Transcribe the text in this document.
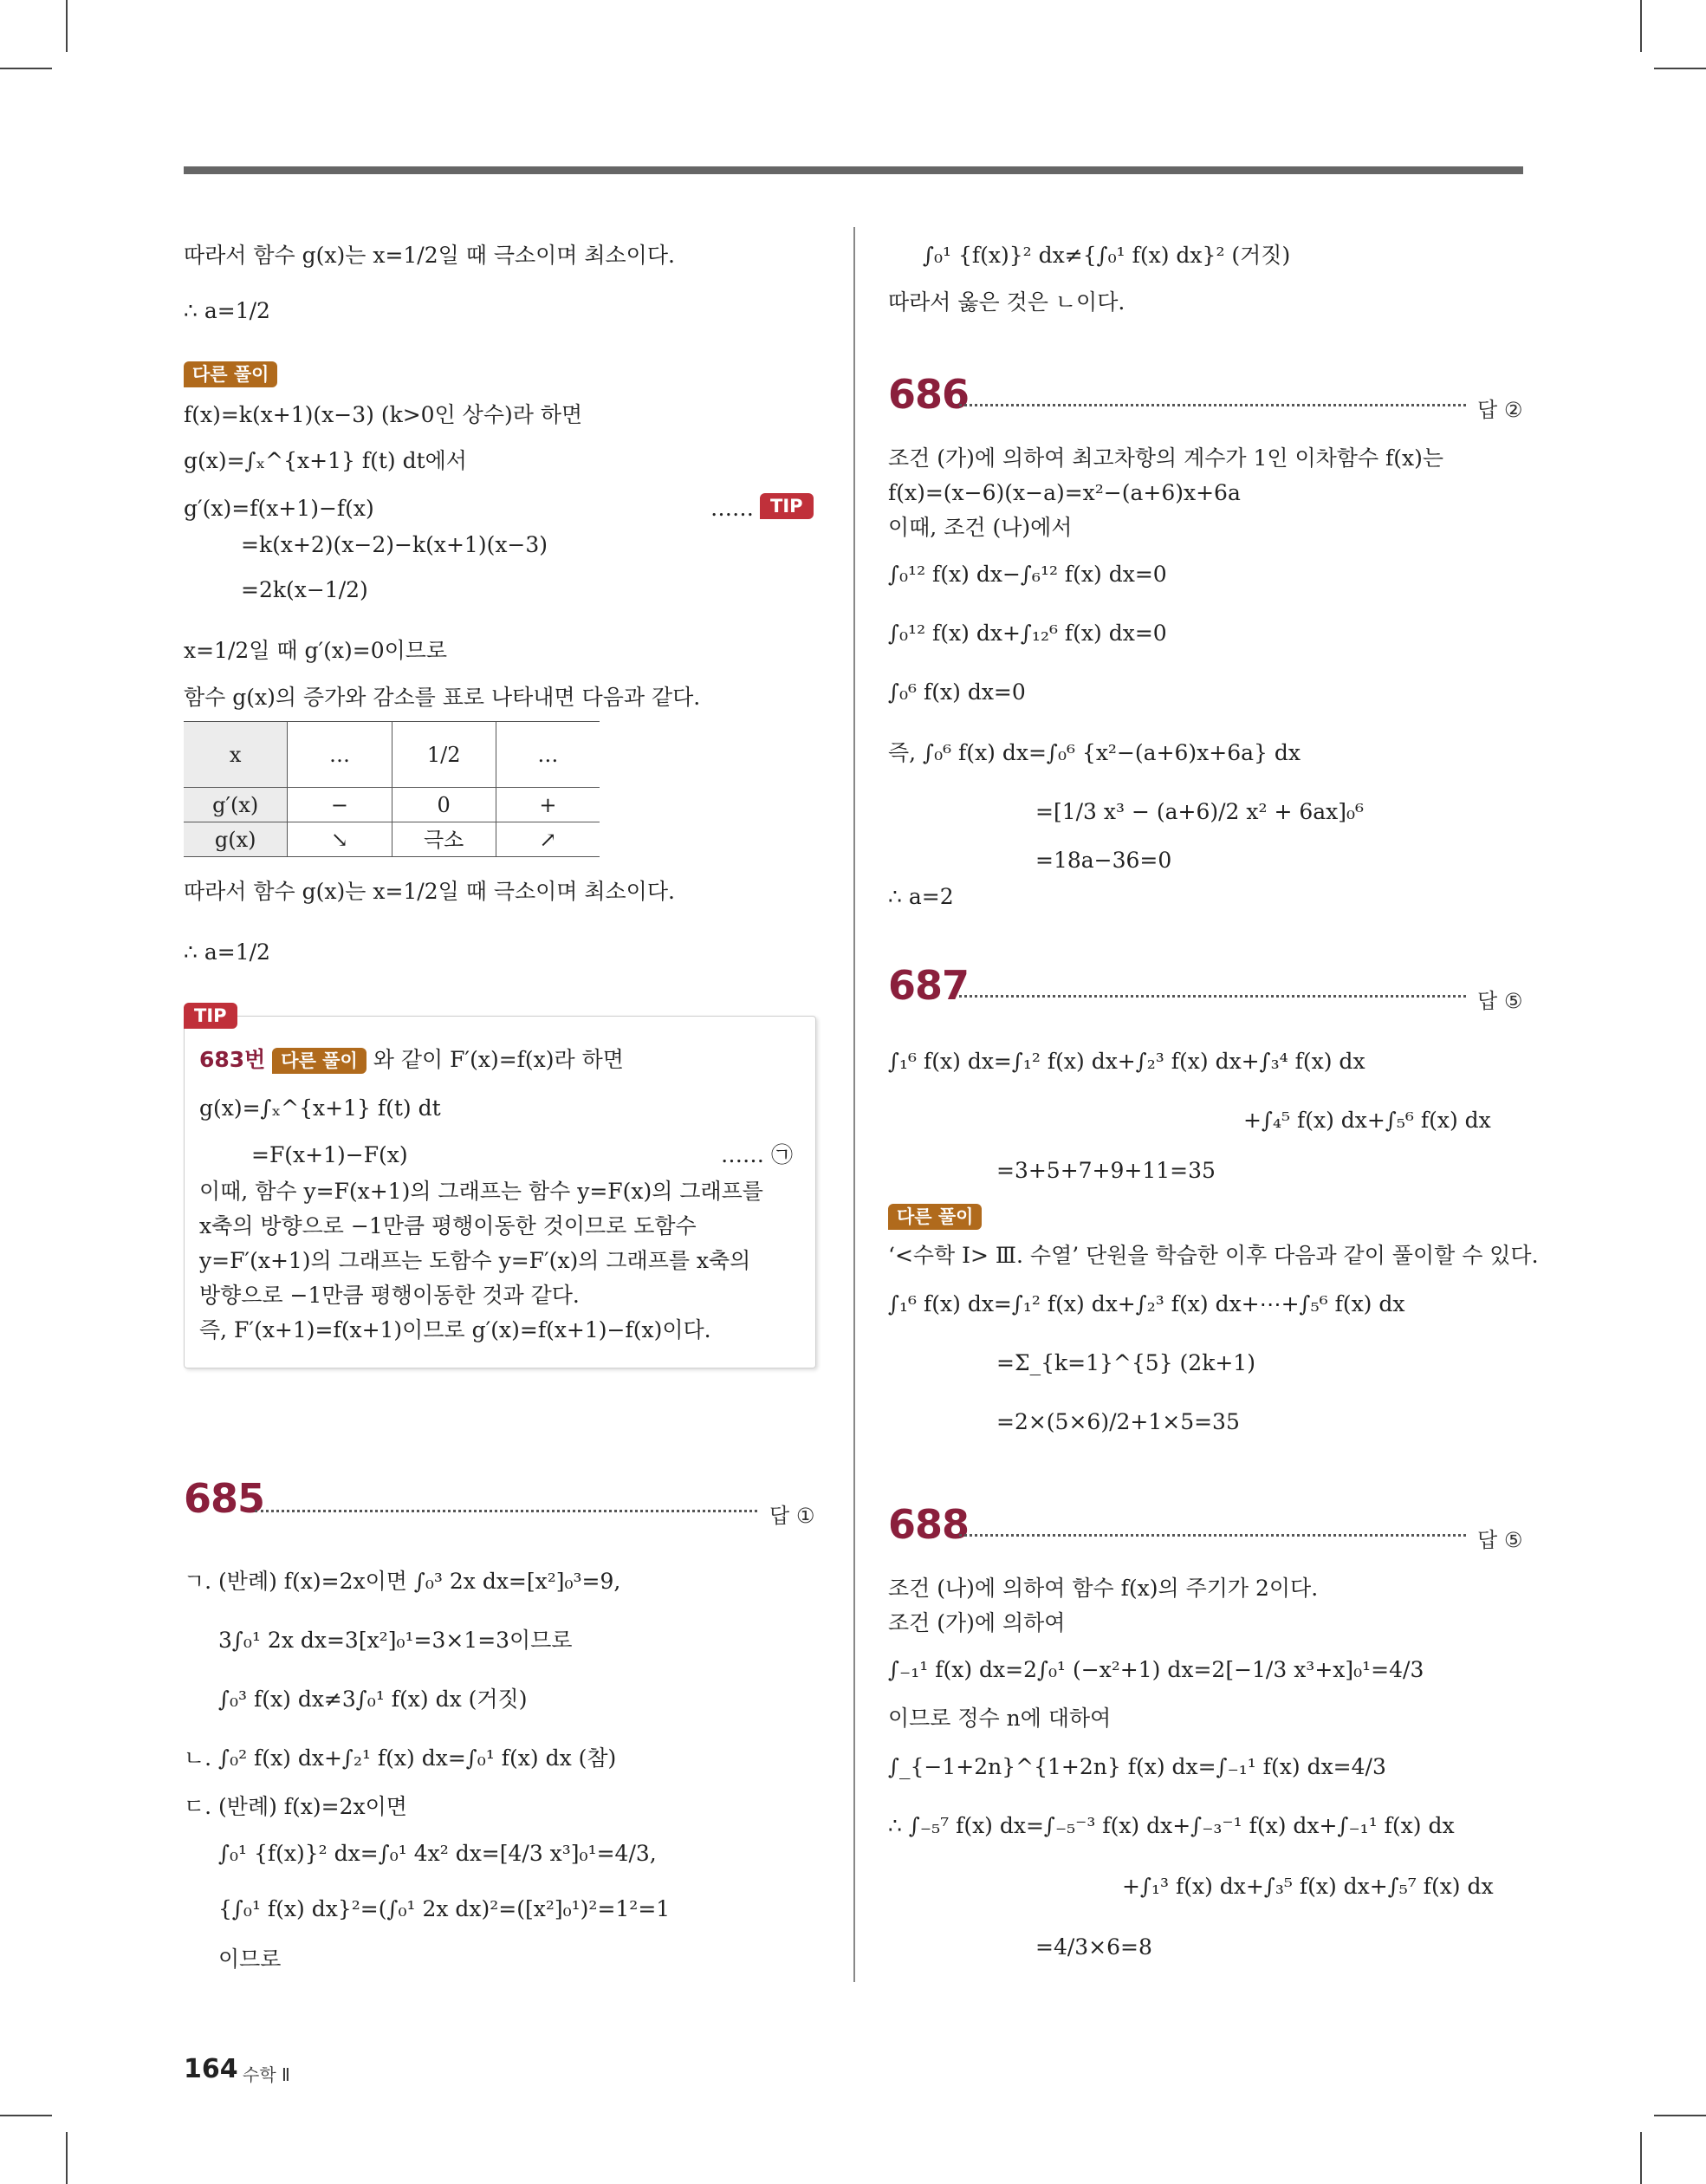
따라서 함수 g(x)는 x=1/2일 때 극소이며 최소이다.
∴ a=1/2
다른 풀이
f(x)=k(x+1)(x−3) (k>0인 상수)라 하면
g(x)=∫ₓ^{x+1} f(t) dt에서
g′(x)=f(x+1)−f(x)	…… TIP
=k(x+2)(x−2)−k(x+1)(x−3)
=2k(x−1/2)
x=1/2일 때 g′(x)=0이므로
함수 g(x)의 증가와 감소를 표로 나타내면 다음과 같다.
x	…	1/2	…
g′(x)	−	0	+
g(x)	↘	극소	↗
따라서 함수 g(x)는 x=1/2일 때 극소이며 최소이다.
∴ a=1/2
685	답 ①
ㄱ. (반례) f(x)=2x이면 ∫₀³ 2x dx=[x²]₀³=9,
3∫₀¹ 2x dx=3[x²]₀¹=3×1=3이므로
∫₀³ f(x) dx≠3∫₀¹ f(x) dx (거짓)
ㄴ. ∫₀² f(x) dx+∫₂¹ f(x) dx=∫₀¹ f(x) dx (참)
ㄷ. (반례) f(x)=2x이면
∫₀¹ {f(x)}² dx=∫₀¹ 4x² dx=[4/3 x³]₀¹=4/3,
{∫₀¹ f(x) dx}²=(∫₀¹ 2x dx)²=([x²]₀¹)²=1²=1
이므로
TIP
683번 다른 풀이 와 같이 F′(x)=f(x)라 하면
g(x)=∫ₓ^{x+1} f(t) dt
=F(x+1)−F(x)	…… ㉠
이때, 함수 y=F(x+1)의 그래프는 함수 y=F(x)의 그래프를
x축의 방향으로 −1만큼 평행이동한 것이므로 도함수
y=F′(x+1)의 그래프는 도함수 y=F′(x)의 그래프를 x축의
방향으로 −1만큼 평행이동한 것과 같다.
즉, F′(x+1)=f(x+1)이므로 g′(x)=f(x+1)−f(x)이다.
∫₀¹ {f(x)}² dx≠{∫₀¹ f(x) dx}² (거짓)
따라서 옳은 것은 ㄴ이다.
686	답 ②
조건 (가)에 의하여 최고차항의 계수가 1인 이차함수 f(x)는
f(x)=(x−6)(x−a)=x²−(a+6)x+6a
이때, 조건 (나)에서
∫₀¹² f(x) dx−∫₆¹² f(x) dx=0
∫₀¹² f(x) dx+∫₁₂⁶ f(x) dx=0
∫₀⁶ f(x) dx=0
즉, ∫₀⁶ f(x) dx=∫₀⁶ {x²−(a+6)x+6a} dx
=[1/3 x³ − (a+6)/2 x² + 6ax]₀⁶
=18a−36=0
∴ a=2
687	답 ⑤
∫₁⁶ f(x) dx=∫₁² f(x) dx+∫₂³ f(x) dx+∫₃⁴ f(x) dx
+∫₄⁵ f(x) dx+∫₅⁶ f(x) dx
=3+5+7+9+11=35
다른 풀이
‘<수학 Ⅰ> Ⅲ. 수열’ 단원을 학습한 이후 다음과 같이 풀이할 수 있다.
∫₁⁶ f(x) dx=∫₁² f(x) dx+∫₂³ f(x) dx+⋯+∫₅⁶ f(x) dx
=Σ_{k=1}^{5} (2k+1)
=2×(5×6)/2+1×5=35
688	답 ⑤
조건 (나)에 의하여 함수 f(x)의 주기가 2이다.
조건 (가)에 의하여
∫₋₁¹ f(x) dx=2∫₀¹ (−x²+1) dx=2[−1/3 x³+x]₀¹=4/3
이므로 정수 n에 대하여
∫_{−1+2n}^{1+2n} f(x) dx=∫₋₁¹ f(x) dx=4/3
∴ ∫₋₅⁷ f(x) dx=∫₋₅⁻³ f(x) dx+∫₋₃⁻¹ f(x) dx+∫₋₁¹ f(x) dx
+∫₁³ f(x) dx+∫₃⁵ f(x) dx+∫₅⁷ f(x) dx
=4/3×6=8
164 수학 Ⅱ
